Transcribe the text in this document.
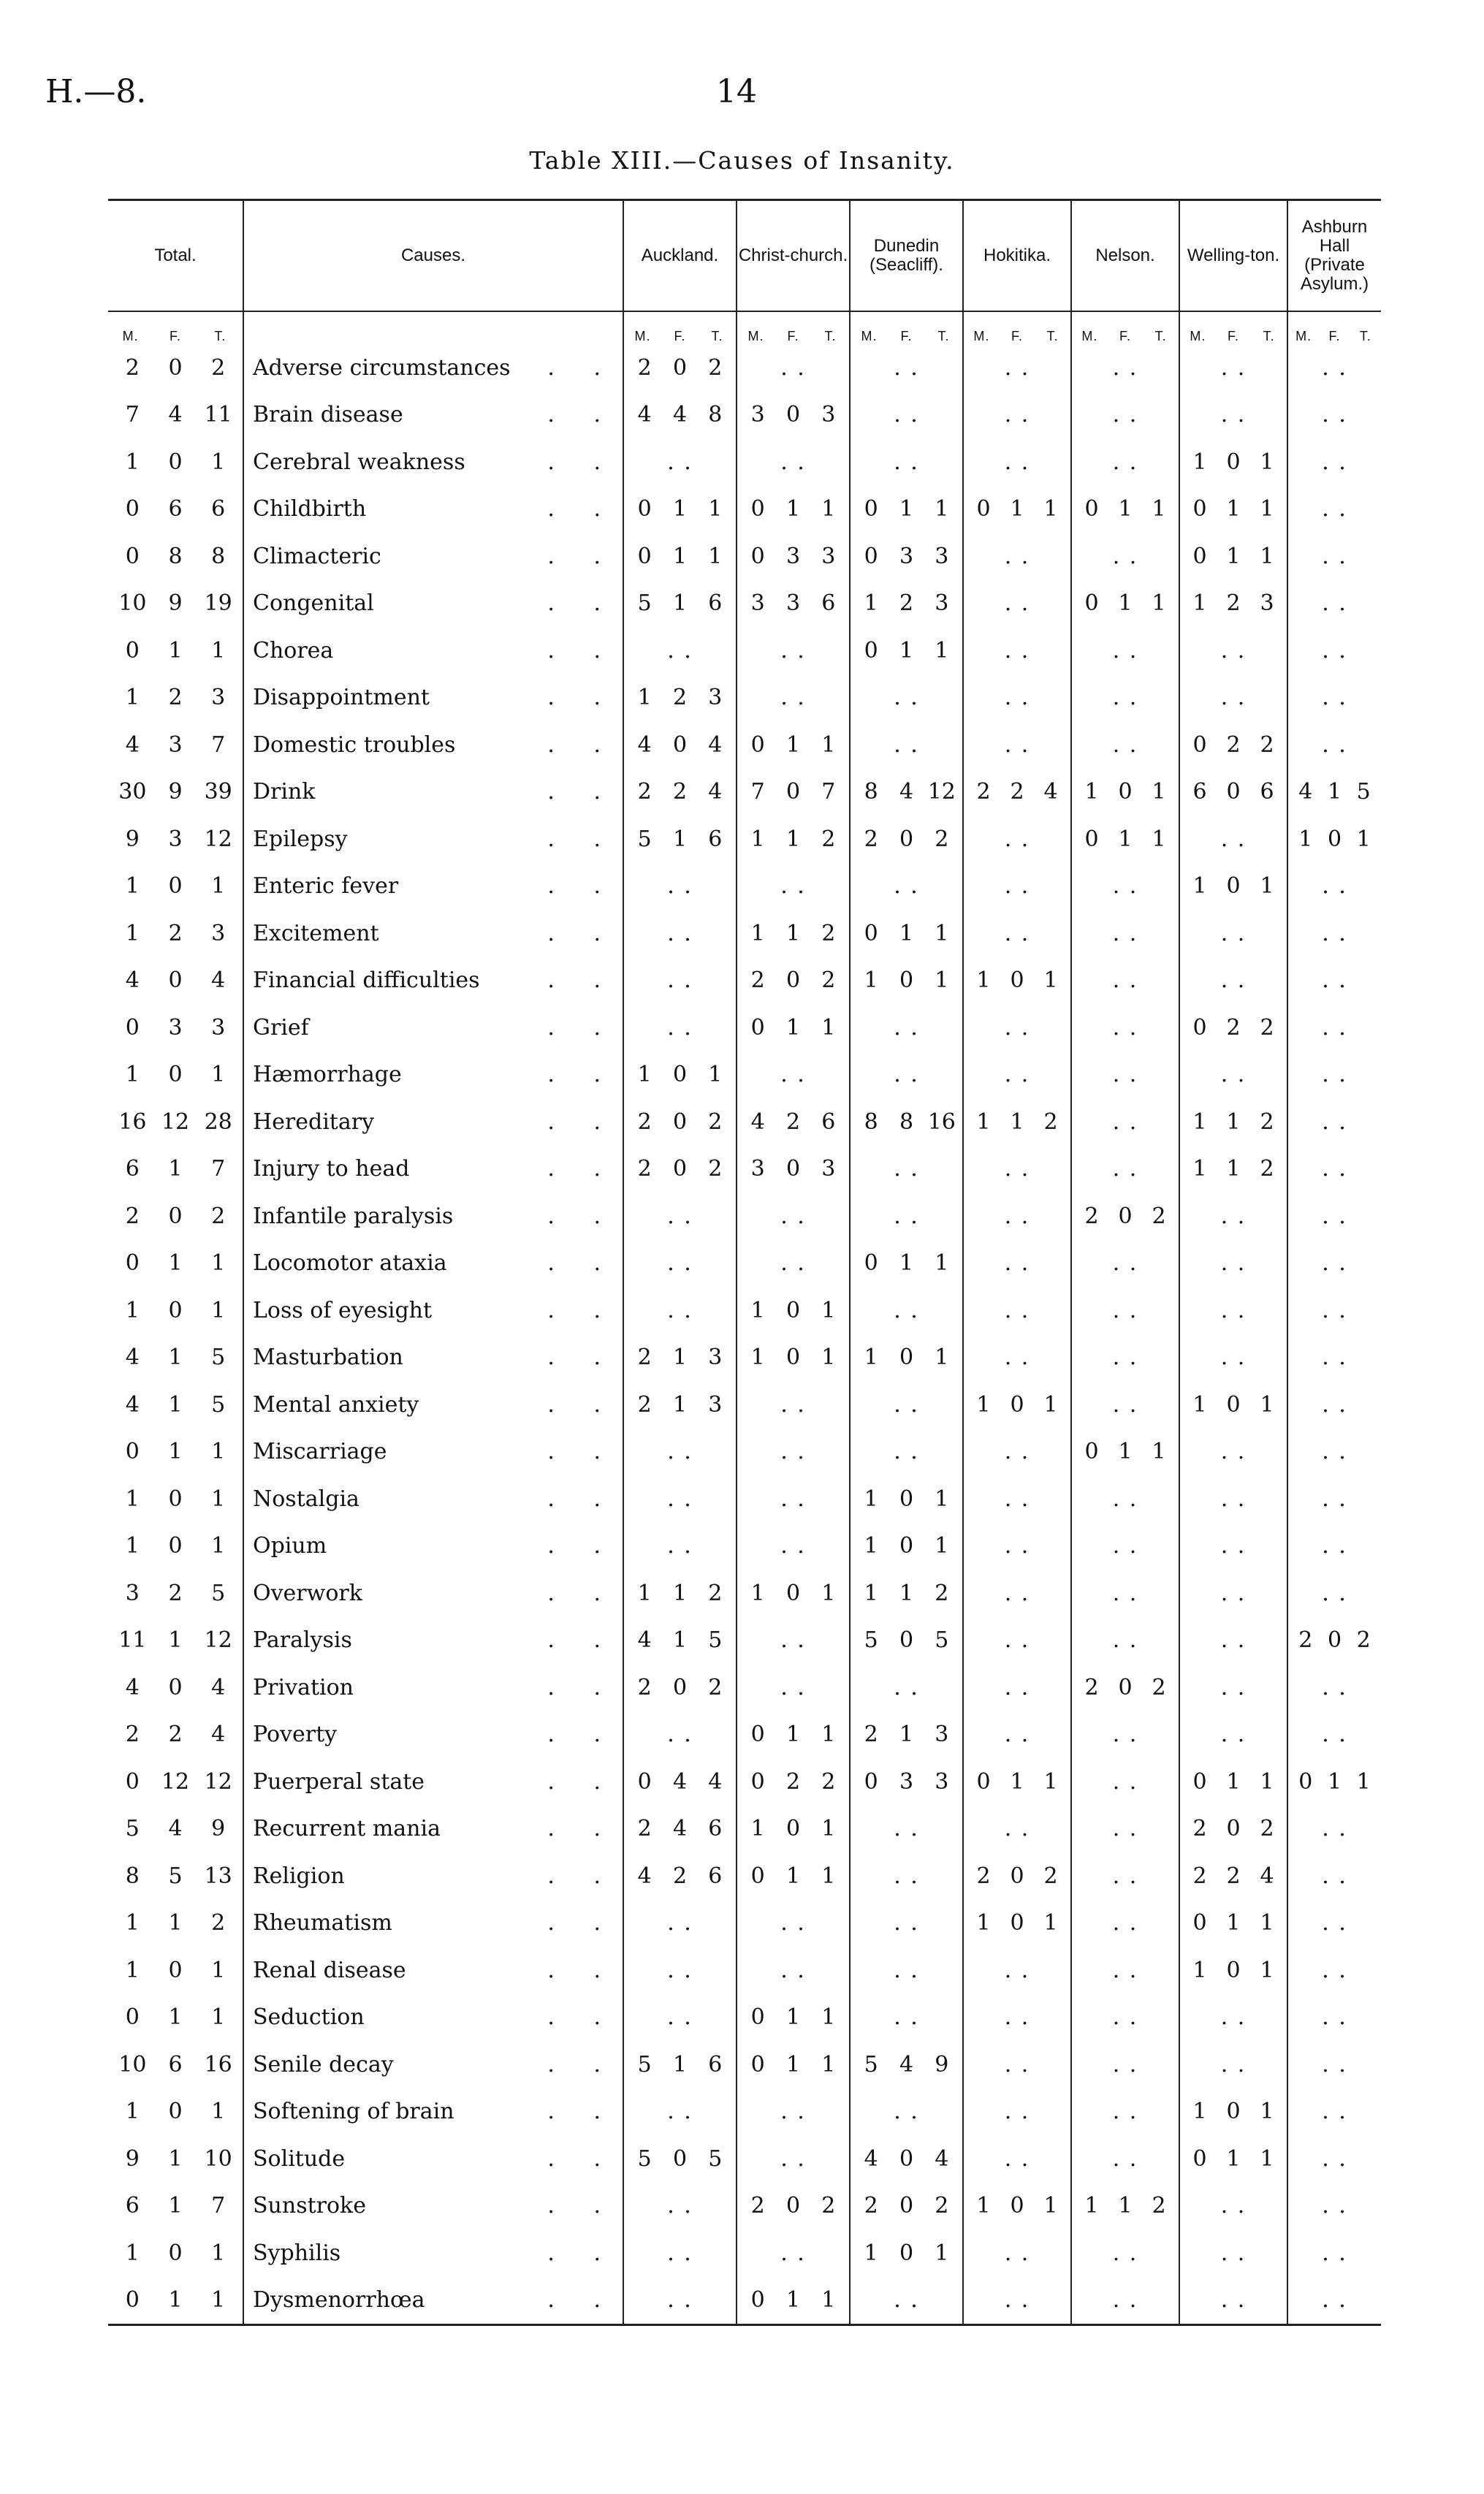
H.—8.	14
Table XIII.—Causes of Insanity.
Total.	Causes.	Auckland.	Christ-church.	Dunedin (Seacliff).	Hokitika.	Nelson.	Welling-ton.	Ashburn Hall (Private Asylum.)

M. F. T.		M. F. T.	M. F. T.	M. F. T.	M. F. T.	M. F. T.	M. F. T.	M. F. T.

2 0 2	Adverse circumstances . .	2 0 2	. .	. .	. .	. .	. .	. .

7 4 11	Brain disease . .	4 4 8	3 0 3	. .	. .	. .	. .	. .

1 0 1	Cerebral weakness . .	. .	. .	. .	. .	. .	1 0 1	. .

0 6 6	Childbirth . .	0 1 1	0 1 1	0 1 1	0 1 1	0 1 1	0 1 1	. .

0 8 8	Climacteric . .	0 1 1	0 3 3	0 3 3	. .	. .	0 1 1	. .

10 9 19	Congenital . .	5 1 6	3 3 6	1 2 3	. .	0 1 1	1 2 3	. .

0 1 1	Chorea . .	. .	. .	0 1 1	. .	. .	. .	. .

1 2 3	Disappointment . .	1 2 3	. .	. .	. .	. .	. .	. .

4 3 7	Domestic troubles . .	4 0 4	0 1 1	. .	. .	. .	0 2 2	. .

30 9 39	Drink . .	2 2 4	7 0 7	8 4 12	2 2 4	1 0 1	6 0 6	4 1 5

9 3 12	Epilepsy . .	5 1 6	1 1 2	2 0 2	. .	0 1 1	. .	1 0 1

1 0 1	Enteric fever . .	. .	. .	. .	. .	. .	1 0 1	. .

1 2 3	Excitement . .	. .	1 1 2	0 1 1	. .	. .	. .	. .

4 0 4	Financial difficulties . .	. .	2 0 2	1 0 1	1 0 1	. .	. .	. .

0 3 3	Grief . .	. .	0 1 1	. .	. .	. .	0 2 2	. .

1 0 1	Hæmorrhage . .	1 0 1	. .	. .	. .	. .	. .	. .

16 12 28	Hereditary . .	2 0 2	4 2 6	8 8 16	1 1 2	. .	1 1 2	. .

6 1 7	Injury to head . .	2 0 2	3 0 3	. .	. .	. .	1 1 2	. .

2 0 2	Infantile paralysis . .	. .	. .	. .	. .	2 0 2	. .	. .

0 1 1	Locomotor ataxia . .	. .	. .	0 1 1	. .	. .	. .	. .

1 0 1	Loss of eyesight . .	. .	1 0 1	. .	. .	. .	. .	. .

4 1 5	Masturbation . .	2 1 3	1 0 1	1 0 1	. .	. .	. .	. .

4 1 5	Mental anxiety . .	2 1 3	. .	. .	1 0 1	. .	1 0 1	. .

0 1 1	Miscarriage . .	. .	. .	. .	. .	0 1 1	. .	. .

1 0 1	Nostalgia . .	. .	. .	1 0 1	. .	. .	. .	. .

1 0 1	Opium . .	. .	. .	1 0 1	. .	. .	. .	. .

3 2 5	Overwork . .	1 1 2	1 0 1	1 1 2	. .	. .	. .	. .

11 1 12	Paralysis . .	4 1 5	. .	5 0 5	. .	. .	. .	2 0 2

4 0 4	Privation . .	2 0 2	. .	. .	. .	2 0 2	. .	. .

2 2 4	Poverty . .	. .	0 1 1	2 1 3	. .	. .	. .	. .

0 12 12	Puerperal state . .	0 4 4	0 2 2	0 3 3	0 1 1	. .	0 1 1	0 1 1

5 4 9	Recurrent mania . .	2 4 6	1 0 1	. .	. .	. .	2 0 2	. .

8 5 13	Religion . .	4 2 6	0 1 1	. .	2 0 2	. .	2 2 4	. .

1 1 2	Rheumatism . .	. .	. .	. .	1 0 1	. .	0 1 1	. .

1 0 1	Renal disease . .	. .	. .	. .	. .	. .	1 0 1	. .

0 1 1	Seduction . .	. .	0 1 1	. .	. .	. .	. .	. .

10 6 16	Senile decay . .	5 1 6	0 1 1	5 4 9	. .	. .	. .	. .

1 0 1	Softening of brain . .	. .	. .	. .	. .	. .	1 0 1	. .

9 1 10	Solitude . .	5 0 5	. .	4 0 4	. .	. .	0 1 1	. .

6 1 7	Sunstroke . .	. .	2 0 2	2 0 2	1 0 1	1 1 2	. .	. .

1 0 1	Syphilis . .	. .	. .	1 0 1	. .	. .	. .	. .

0 1 1	Dysmenorrhœa . .	. .	0 1 1	. .	. .	. .	. .	. .
